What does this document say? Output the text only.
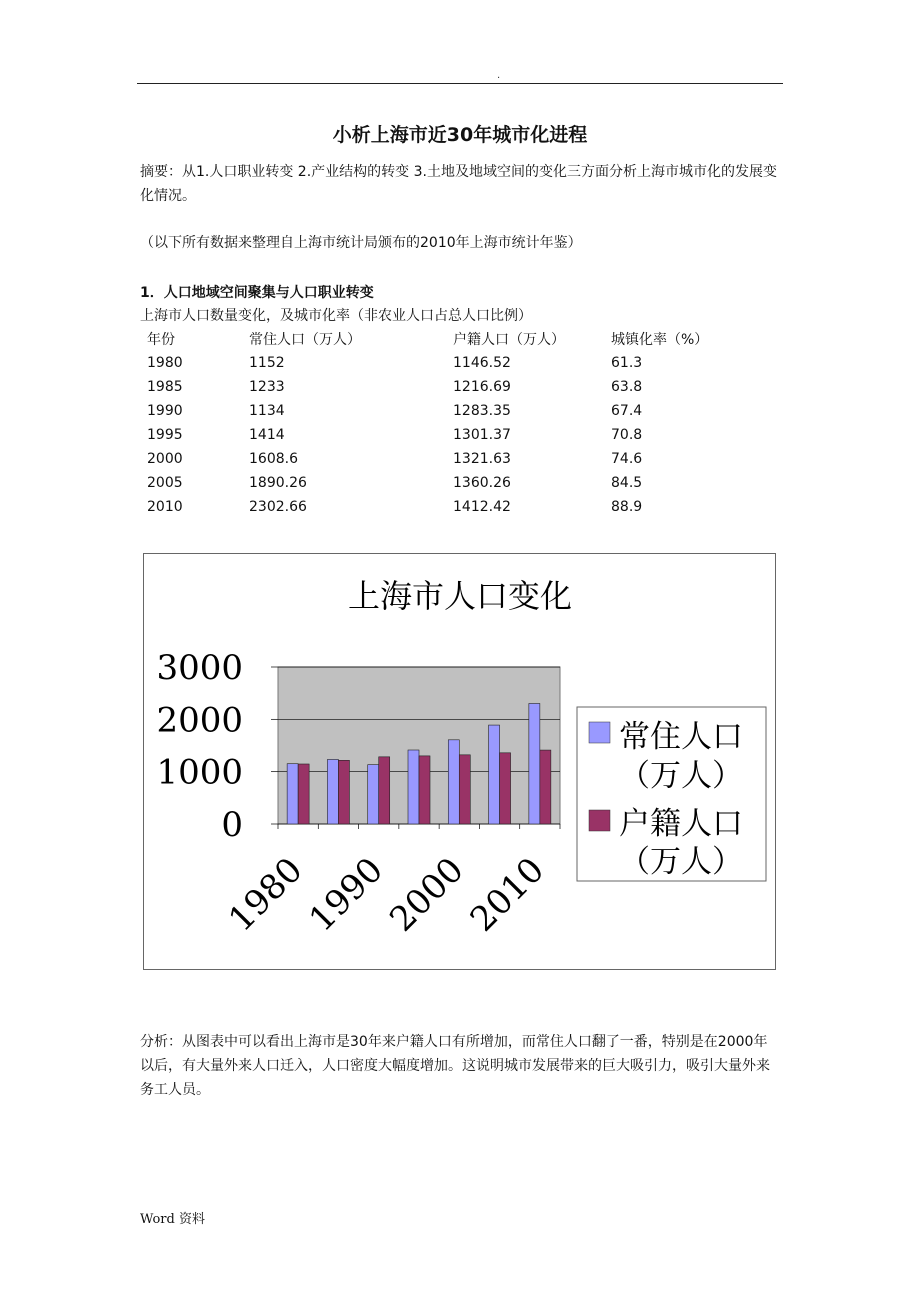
.
小析上海市近30年城市化进程
摘要：从1.人口职业转变 2.产业结构的转变 3.土地及地域空间的变化三方面分析上海市城市化的发展变化情况。
（以下所有数据来整理自上海市统计局颁布的2010年上海市统计年鉴）
1．人口地域空间聚集与人口职业转变
上海市人口数量变化，及城市化率（非农业人口占总人口比例）
年份	常住人口（万人）	户籍人口（万人）	城镇化率（%）
1980	1152	1146.52	61.3
1985	1233	1216.69	63.8
1990	1134	1283.35	67.4
1995	1414	1301.37	70.8
2000	1608.6	1321.63	74.6
2005	1890.26	1360.26	84.5
2010	2302.66	1412.42	88.9
上海市人口变化
3000
2000
1000
0
1980
1990
2000
2010
常住人口
（万人）
户籍人口
（万人）
分析：从图表中可以看出上海市是30年来户籍人口有所增加，而常住人口翻了一番，特别是在2000年以后，有大量外来人口迁入，人口密度大幅度增加。这说明城市发展带来的巨大吸引力，吸引大量外来务工人员。
Word 资料
